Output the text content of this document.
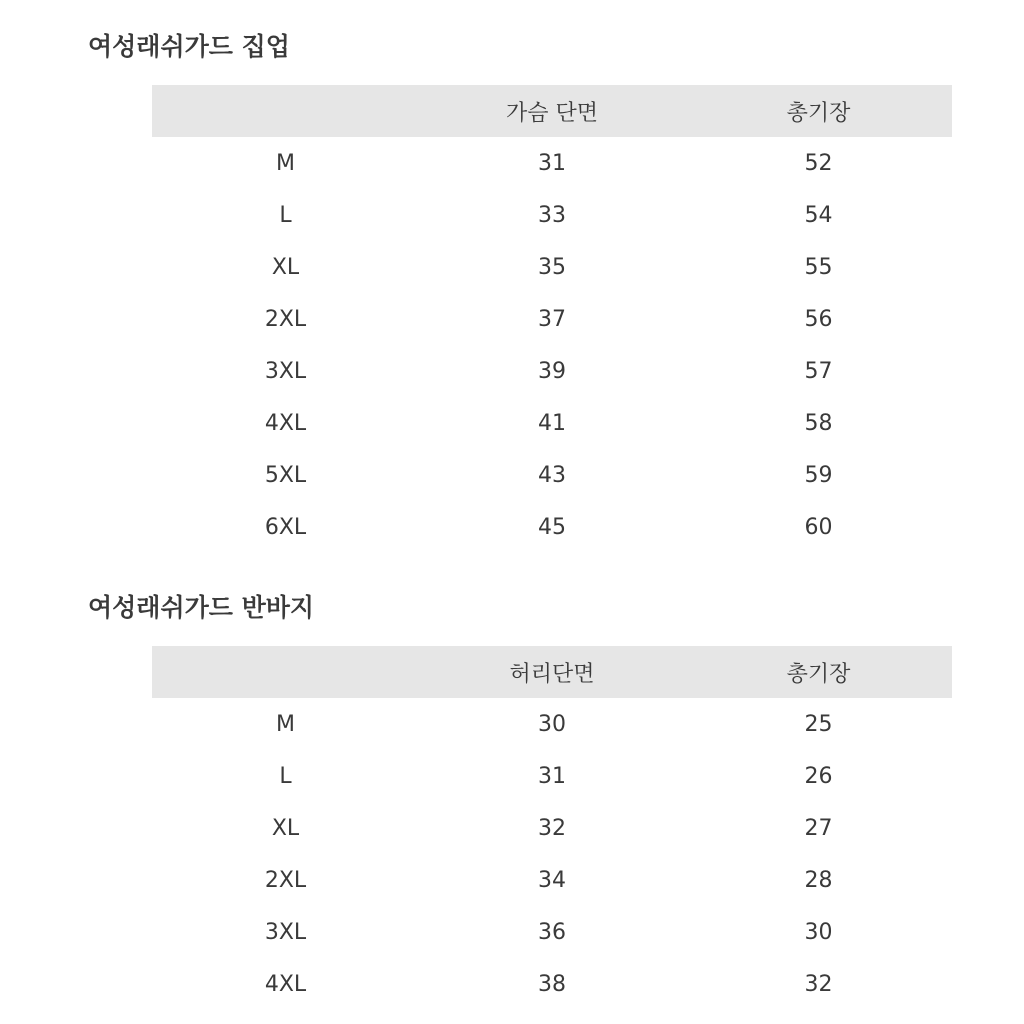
여성래쉬가드 집업
	가슴 단면	총기장
M	31	52
L	33	54
XL	35	55
2XL	37	56
3XL	39	57
4XL	41	58
5XL	43	59
6XL	45	60
여성래쉬가드 반바지
	허리단면	총기장
M	30	25
L	31	26
XL	32	27
2XL	34	28
3XL	36	30
4XL	38	32
